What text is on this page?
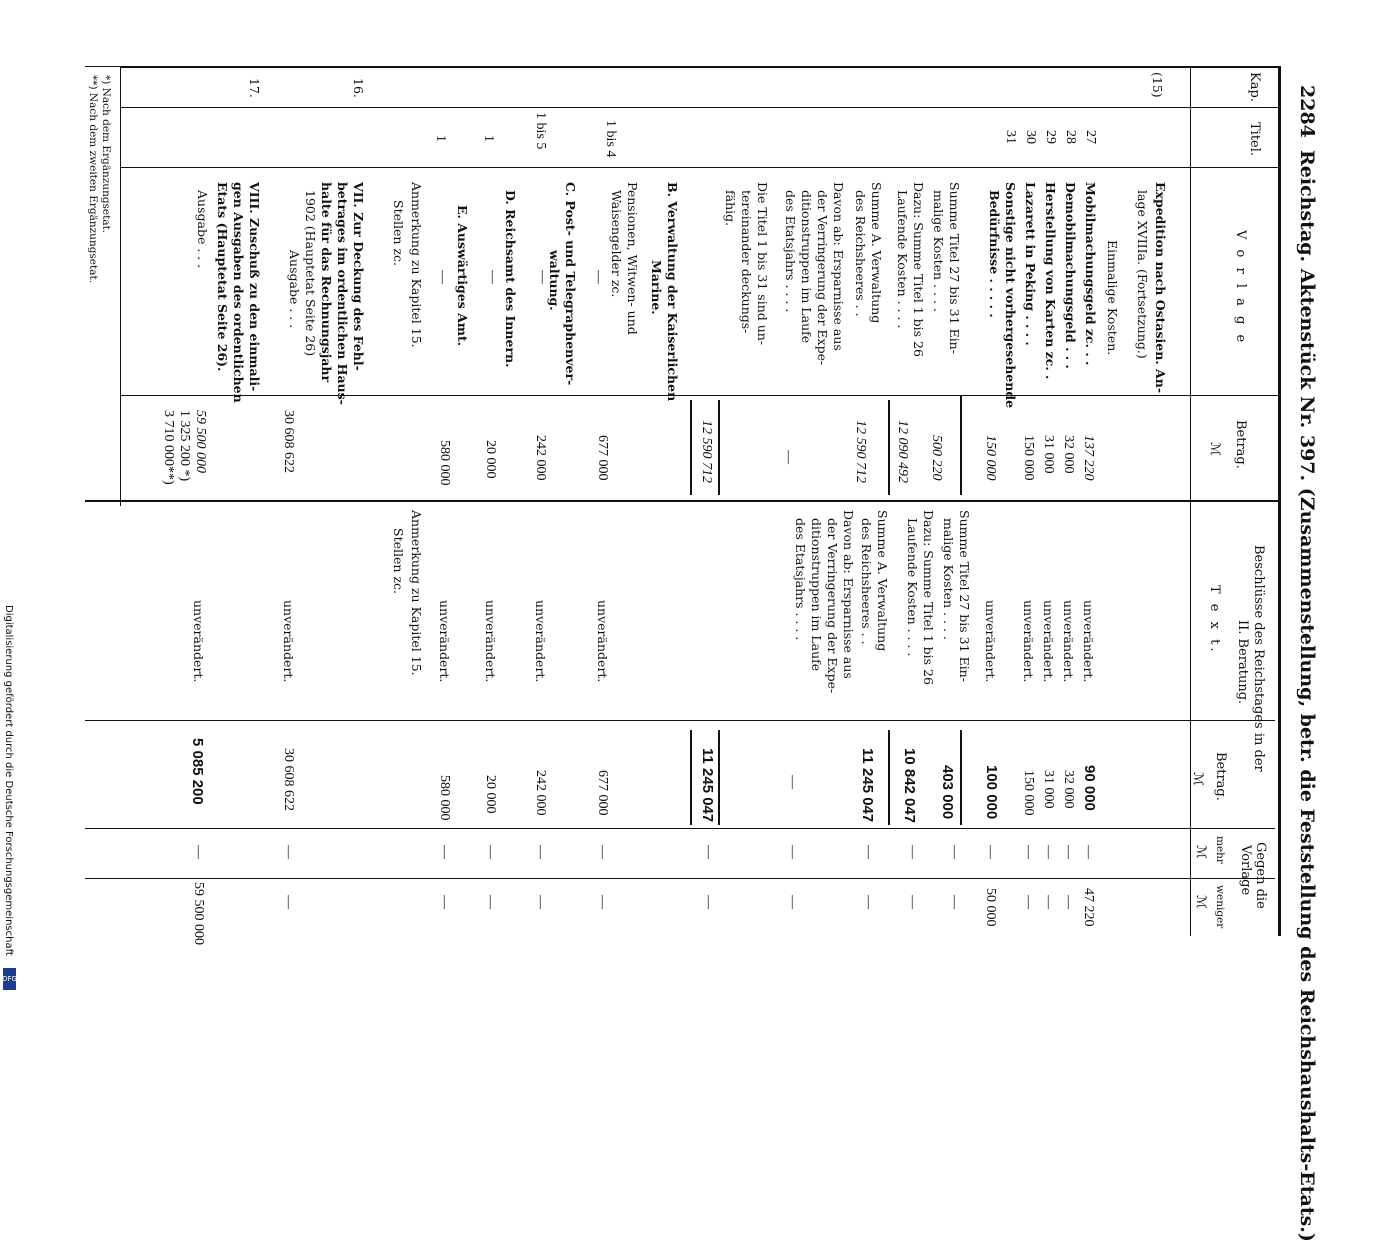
2284
Reichstag. Aktenstück Nr. 397. (Zusammenstellung, betr. die Feststellung des Reichshaushalts-Etats.)
Kap.
Titel.
V o r l a g e
Betrag.
ℳ
Beschlüsse des Reichstages in der
II. Beratung.
T e x t.
Betrag.
ℳ
Gegen die
Vorlage
mehr
weniger
ℳ
ℳ
(15)
Expedition nach Ostasien. An-
lage XVIIIa. (Fortsetzung.)
Einmalige Kosten.
27
Mobilmachungsgeld zc. . .
137 220
unverändert.
90 000
—
47 220
28
Demobilmachungsgeld . . .
32 000
unverändert.
32 000
—
—
29
Herstellung von Karten zc. .
31 000
unverändert.
31 000
—
—
30
Lazarett in Peking . . . .
150 000
unverändert.
150 000
—
—
31
Sonstige nicht vorhergesehende
Bedürfnisse . . . . .
150 000
unverändert.
100 000
—
50 000
Summe Titel 27 bis 31 Ein-
malige Kosten . . . .
500 220
Dazu: Summe Titel 1 bis 26
Laufende Kosten . . . .
12 090 492
Summe A. Verwaltung
des Reichsheeres . .
12 590 712
Davon ab: Ersparnisse aus
der Verringerung der Expe-
ditionstruppen im Laufe
des Etatsjahrs . . . .
—
Die Titel 1 bis 31 sind un-
tereinander deckungs-
fähig.
12 590 712
Summe Titel 27 bis 31 Ein-
malige Kosten . . . .
403 000
Dazu: Summe Titel 1 bis 26
Laufende Kosten . . . .
10 842 047
Summe A. Verwaltung
des Reichsheeres . .
11 245 047
Davon ab: Ersparnisse aus
der Verringerung der Expe-
ditionstruppen im Laufe
des Etatsjahrs . . . .
—
11 245 047
—
—
—
—
—
—
—
—
—
—
B. Verwaltung der Kaiserlichen
Marine.
1 bis 4
Pensionen, Witwen- und
Waisengelder zc.
—
677 000
unverändert.
677 000
—
—
C. Post- und Telegraphenver-
waltung.
—
1 bis 5
242 000
unverändert.
242 000
—
—
D. Reichsamt des Innern.
—
1
20 000
unverändert.
20 000
—
—
E. Auswärtiges Amt.
—
1
580 000
unverändert.
580 000
—
—
Anmerkung zu Kapitel 15.
Stellen zc.
Anmerkung zu Kapitel 15.
Stellen zc.
16.
VII. Zur Deckung des Fehl-
betrages im ordentlichen Haus-
halte für das Rechnungsjahr
1902 (Hauptetat Seite 26)
Ausgabe . . .
30 608 622
unverändert.
30 608 622
—
—
17.
VIII. Zuschuß zu den einmali-
gen Ausgaben des ordentlichen
Etats (Hauptetat Seite 26).
Ausgabe . . .
59 500 000
1 325 200 *)
3 710 000**)
unverändert.
5 085 200
—
59 500 000
*) Nach dem Ergänzungsetat.
**) Nach dem zweiten Ergänzungsetat.
Digitalisierung gefördert durch die Deutsche Forschungsgemeinschaft
DFG
